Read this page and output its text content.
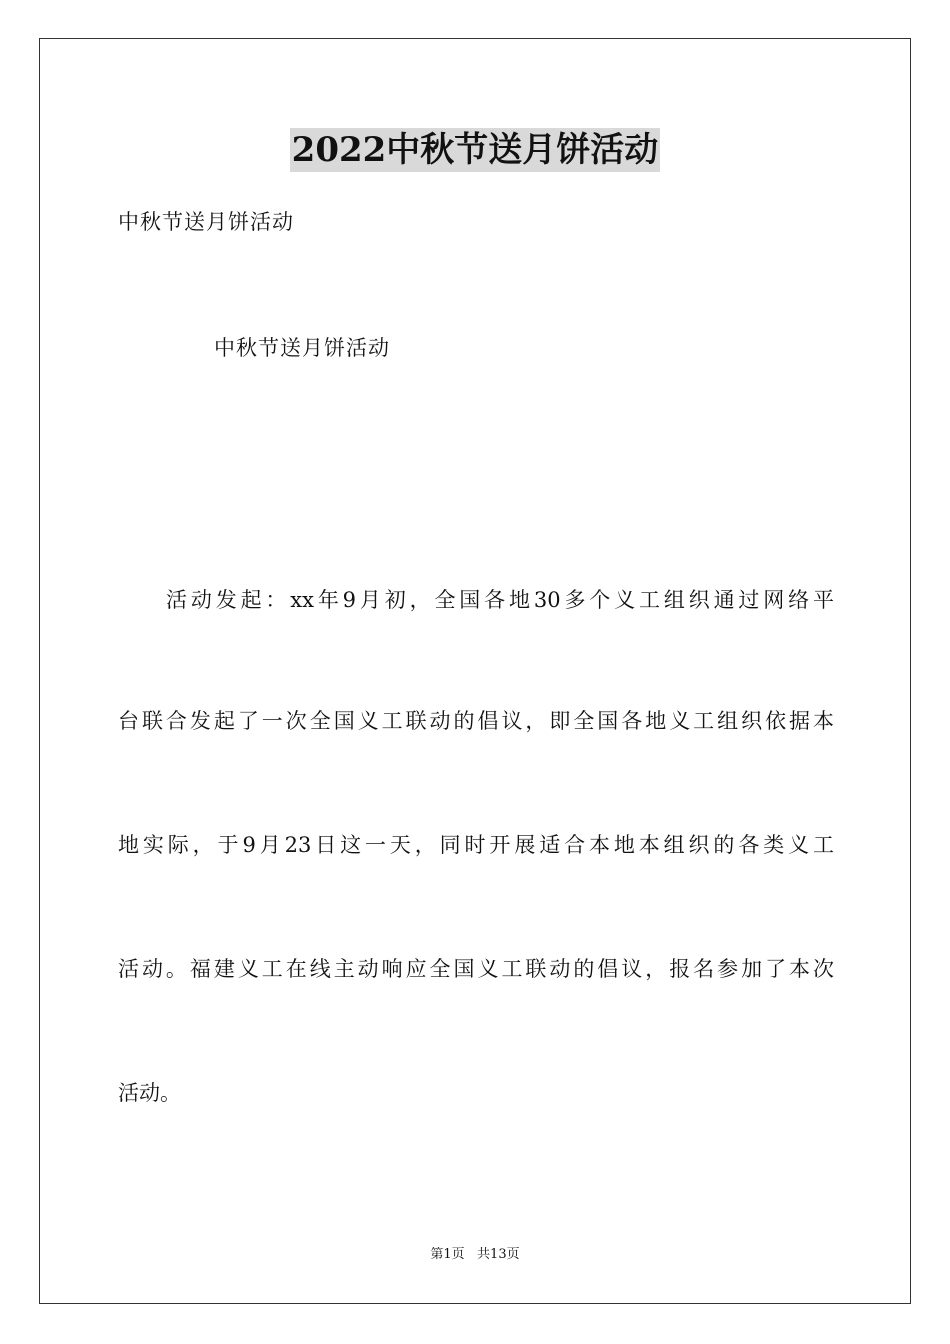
2022中秋节送月饼活动

中秋节送月饼活动

中秋节送月饼活动

活动发起：xx年9月初，全国各地30多个义工组织通过网络平

台联合发起了一次全国义工联动的倡议，即全国各地义工组织依据本

地实际，于9月23日这一天，同时开展适合本地本组织的各类义工

活动。福建义工在线主动响应全国义工联动的倡议，报名参加了本次

活动。

第1页   共13页
